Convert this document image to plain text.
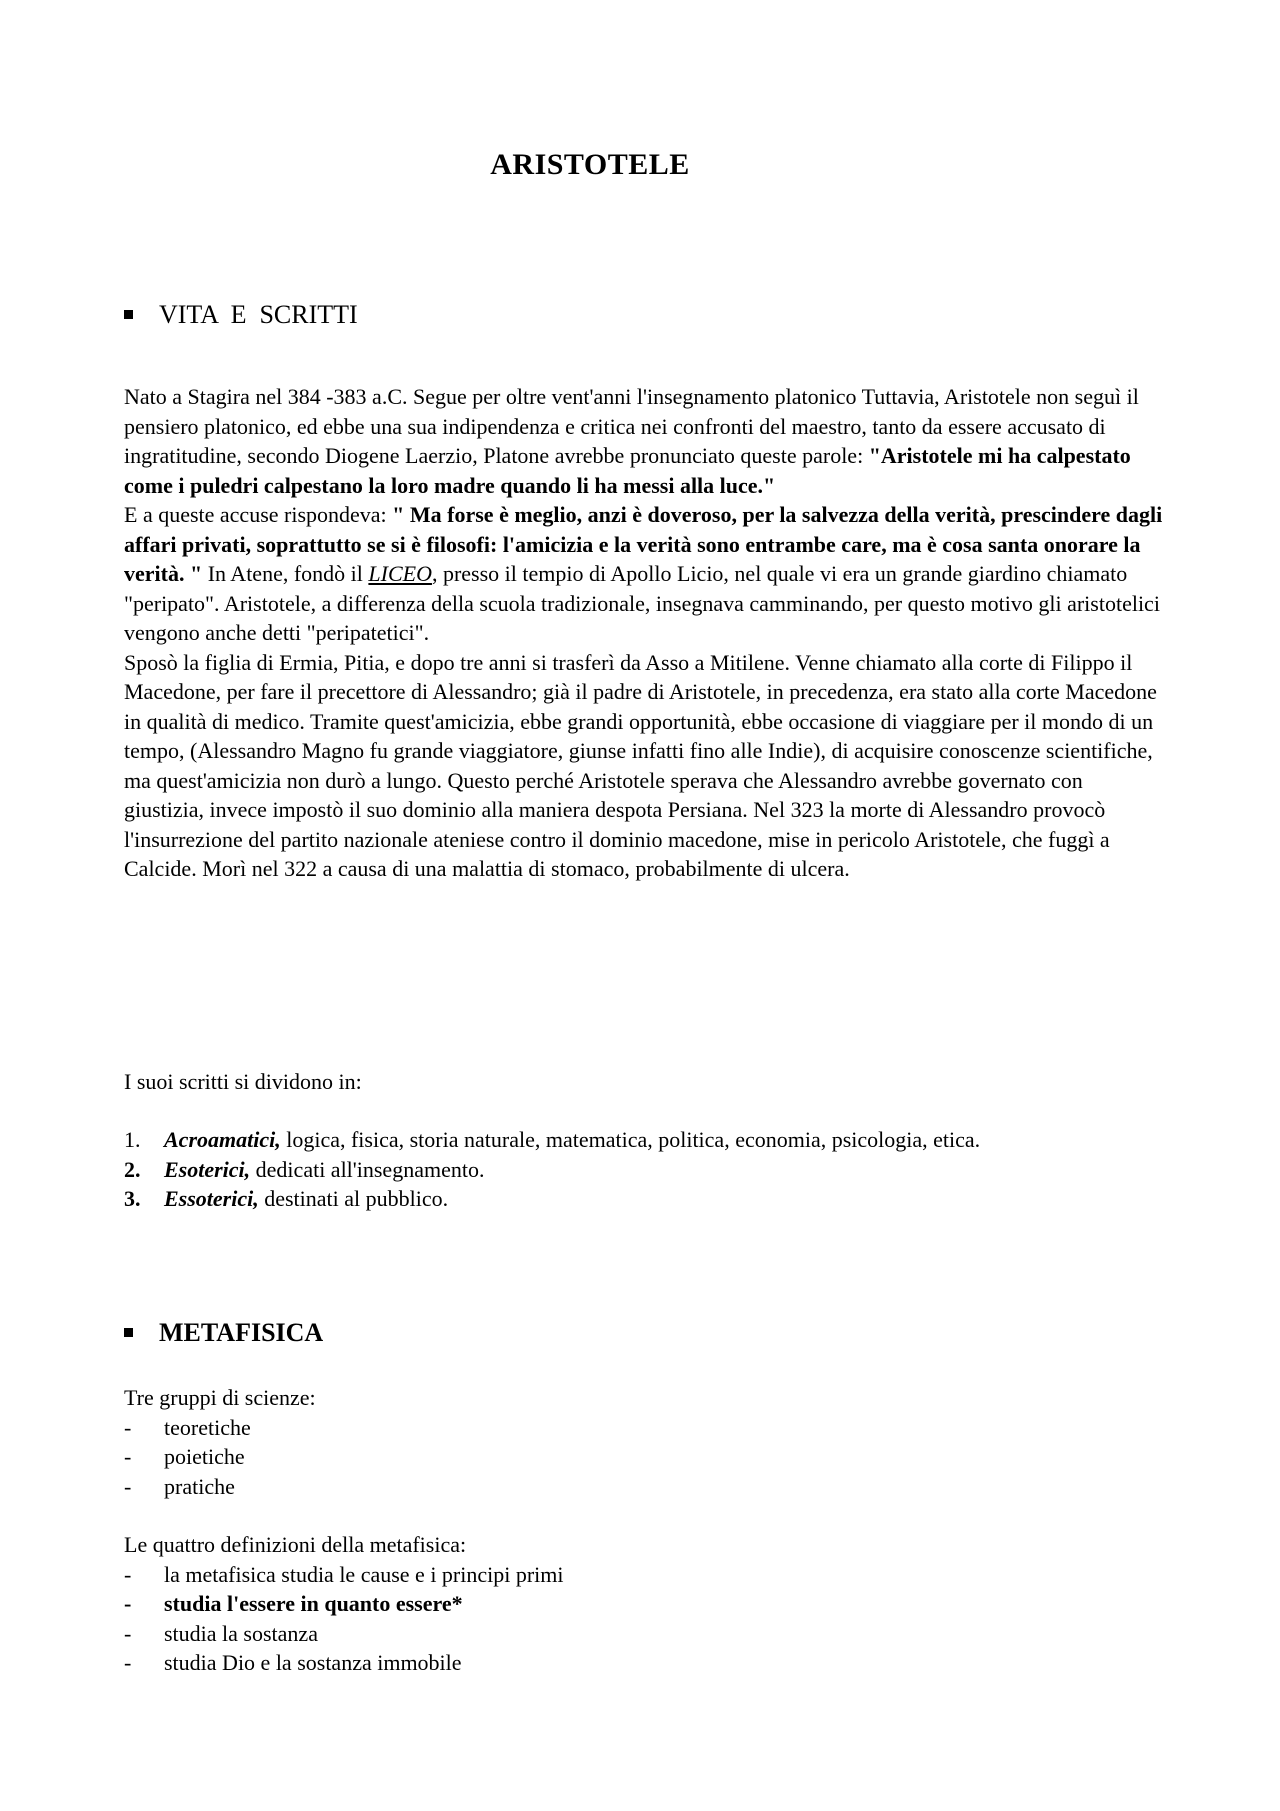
ARISTOTELE
VITA  E  SCRITTI

Nato a Stagira nel 384 -383 a.C. Segue per oltre vent'anni l'insegnamento platonico Tuttavia, Aristotele non seguì il pensiero platonico, ed ebbe una sua indipendenza e critica nei confronti del maestro, tanto da essere accusato di ingratitudine, secondo Diogene Laerzio, Platone avrebbe pronunciato queste parole: "Aristotele mi ha calpestato come i puledri calpestano la loro madre quando li ha messi alla luce."

E a queste accuse rispondeva: " Ma forse è meglio, anzi è doveroso, per la salvezza della verità, prescindere dagli affari privati, soprattutto se si è filosofi: l'amicizia e la verità sono entrambe care, ma è cosa santa onorare la verità. " In Atene, fondò il LICEO, presso il tempio di Apollo Licio, nel quale vi era un grande giardino chiamato "peripato". Aristotele, a differenza della scuola tradizionale, insegnava camminando, per questo motivo gli aristotelici vengono anche detti "peripatetici".

Sposò la figlia di Ermia, Pitia, e dopo tre anni si trasferì da Asso a Mitilene. Venne chiamato alla corte di Filippo il Macedone, per fare il precettore di Alessandro; già il padre di Aristotele, in precedenza, era stato alla corte Macedone in qualità di medico. Tramite quest'amicizia, ebbe grandi opportunità, ebbe occasione di viaggiare per il mondo di un tempo, (Alessandro Magno fu grande viaggiatore, giunse infatti fino alle Indie), di acquisire conoscenze scientifiche, ma quest'amicizia non durò a lungo. Questo perché Aristotele sperava che Alessandro avrebbe governato con giustizia, invece impostò il suo dominio alla maniera despota Persiana. Nel 323 la morte di Alessandro provocò l'insurrezione del partito nazionale ateniese contro il dominio macedone, mise in pericolo Aristotele, che fuggì a Calcide. Morì nel 322 a causa di una malattia di stomaco, probabilmente di ulcera.

I suoi scritti si dividono in:
1.	Acroamatici, logica, fisica, storia naturale, matematica, politica, economia, psicologia, etica.
2.	Esoterici, dedicati all'insegnamento.
3.	Essoterici, destinati al pubblico.
METAFISICA
Tre gruppi di scienze:
-	teoretiche
-	poietiche
-	pratiche
Le quattro definizioni della metafisica:
-	la metafisica studia le cause e i principi primi
-	studia l'essere in quanto essere*
-	studia la sostanza
-	studia Dio e la sostanza immobile
